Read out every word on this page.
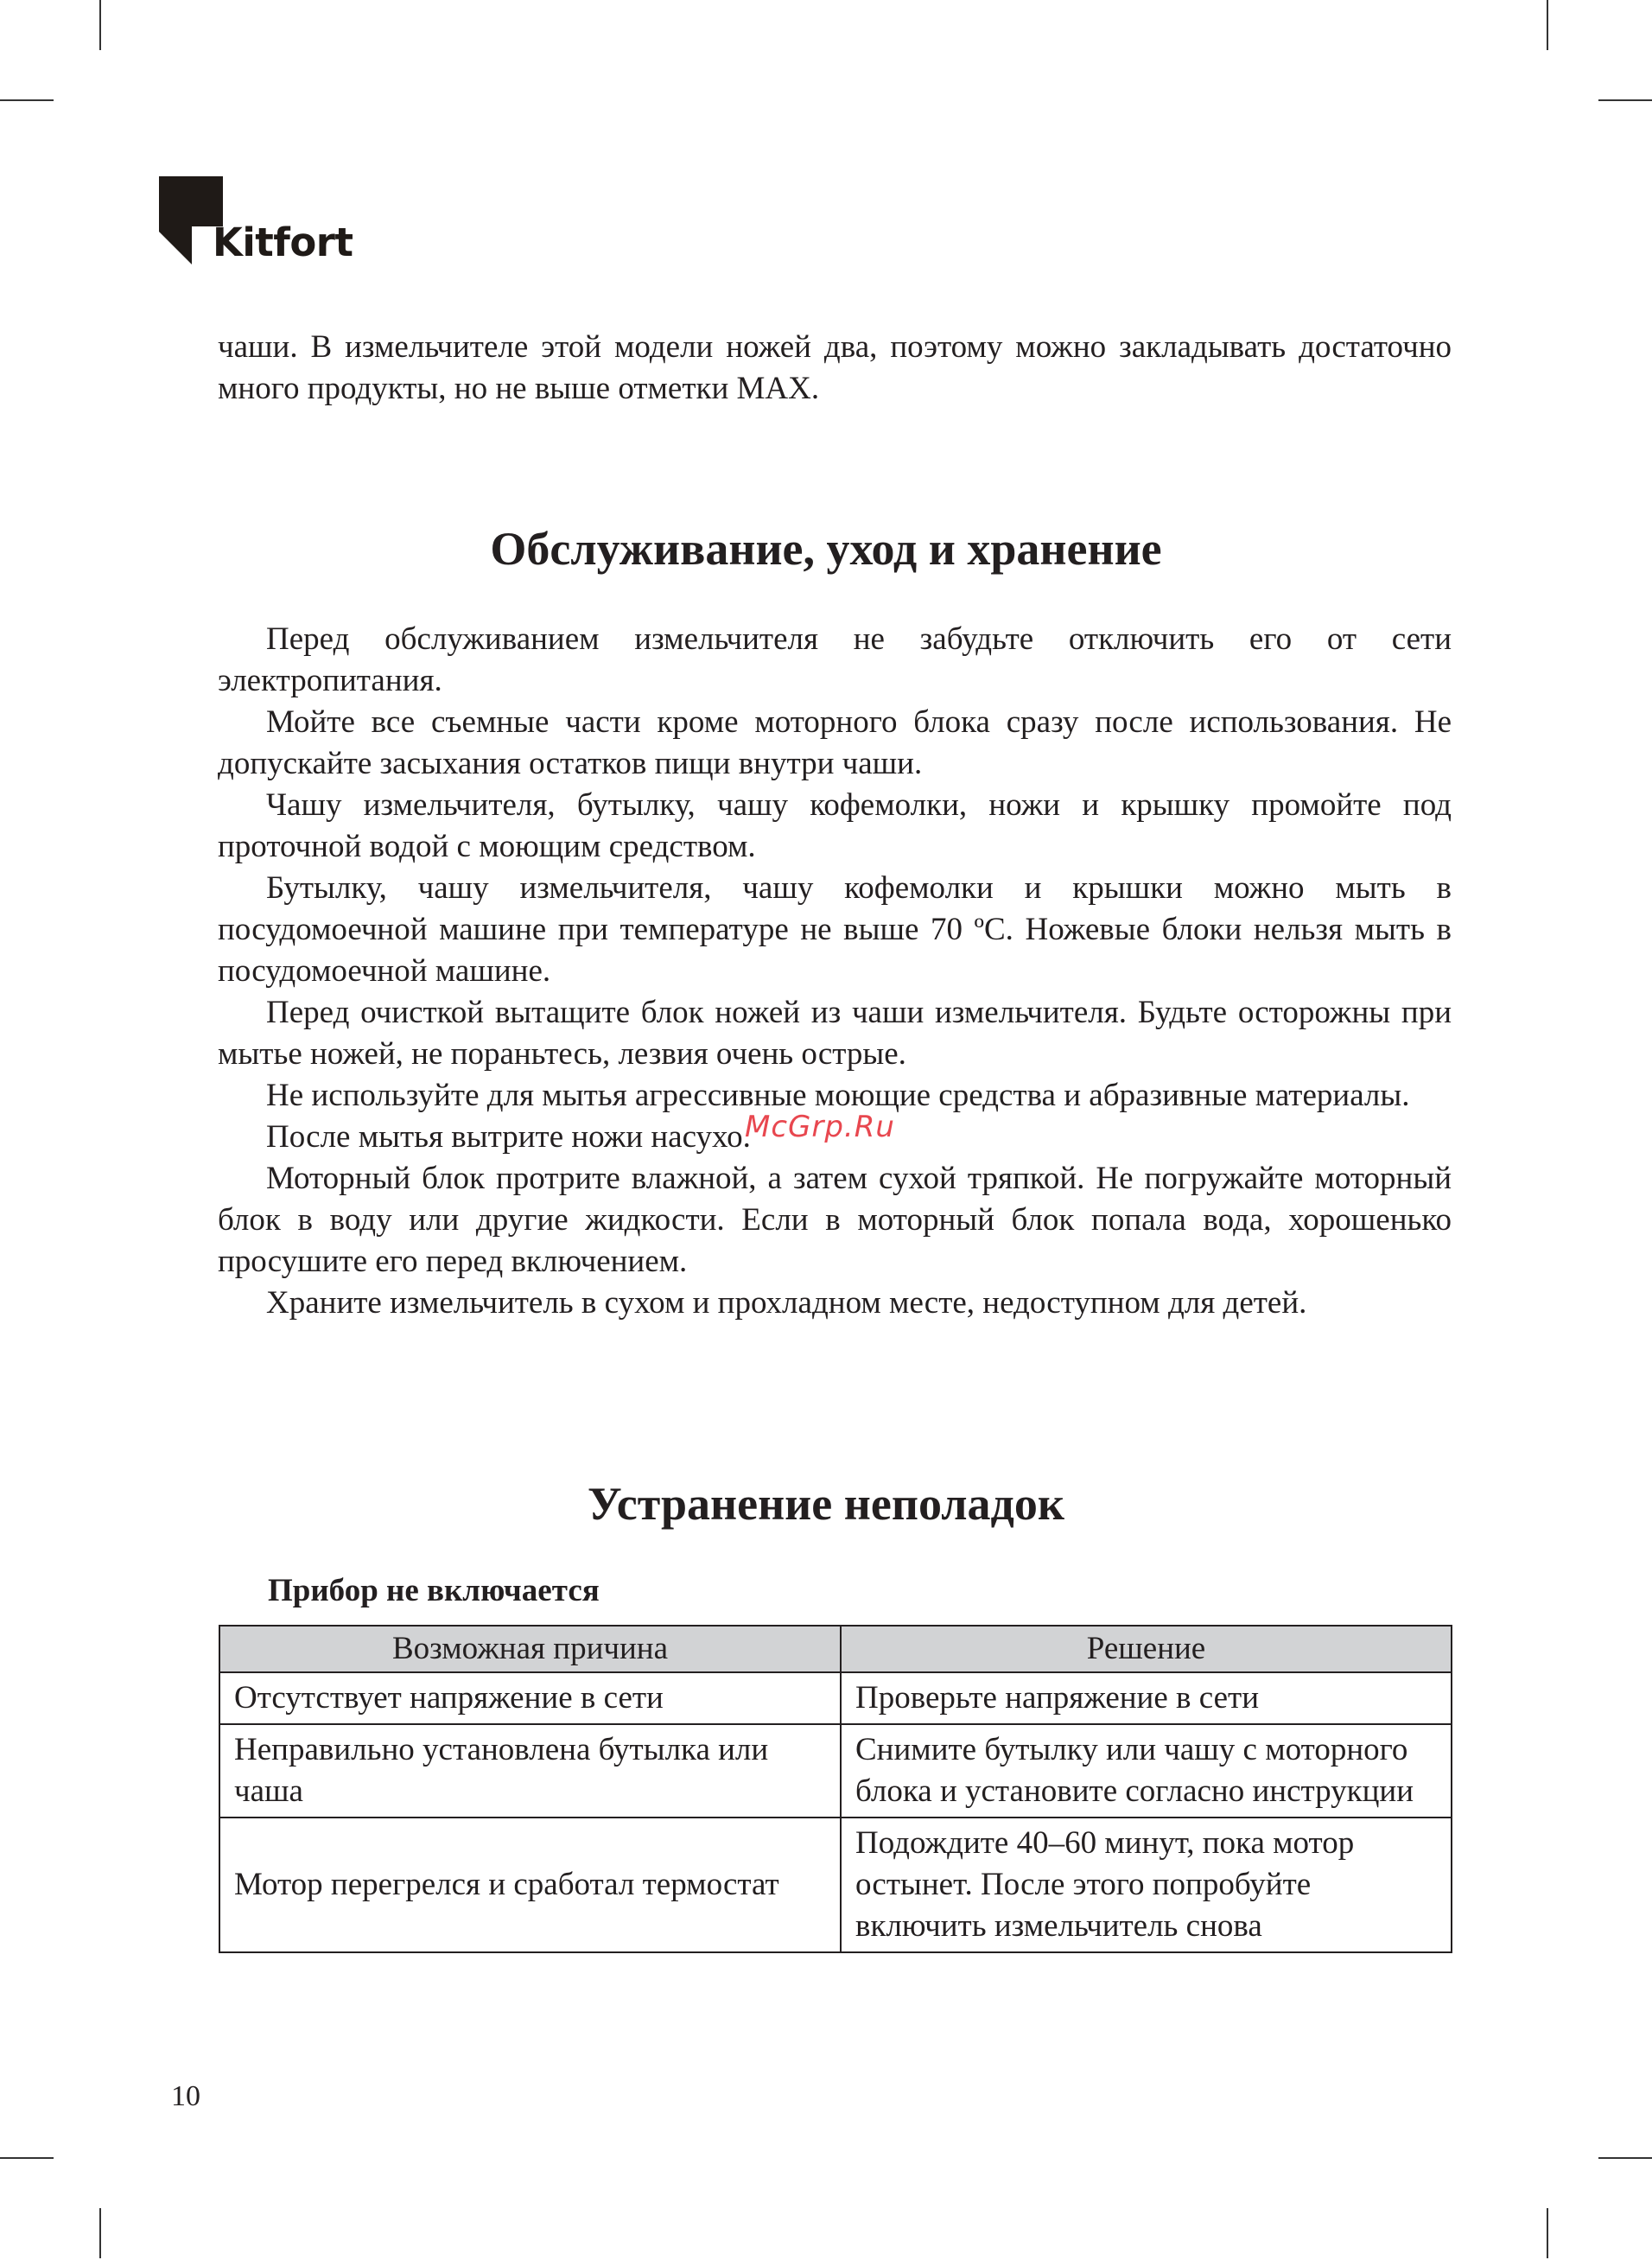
Kitfort

чаши. В измельчителе этой модели ножей два, поэтому можно закладывать достаточно много продукты, но не выше отметки MAX.

Обслуживание, уход и хранение

Перед обслуживанием измельчителя не забудьте отключить его от сети электропитания.

Мойте все съемные части кроме моторного блока сразу после использования. Не допускайте засыхания остатков пищи внутри чаши.

Чашу измельчителя, бутылку, чашу кофемолки, ножи и крышку промойте под проточной водой с моющим средством.

Бутылку, чашу измельчителя, чашу кофемолки и крышки можно мыть в посудомоечной машине при температуре не выше 70 ºС. Ножевые блоки нельзя мыть в посудомоечной машине.

Перед очисткой вытащите блок ножей из чаши измельчителя. Будьте осторожны при мытье ножей, не пораньтесь, лезвия очень острые.

Не используйте для мытья агрессивные моющие средства и абразивные материалы.

После мытья вытрите ножи насухо.

Моторный блок протрите влажной, а затем сухой тряпкой. Не погружайте моторный блок в воду или другие жидкости. Если в моторный блок попала вода, хорошенько просушите его перед включением.

Храните измельчитель в сухом и прохладном месте, недоступном для детей.

Устранение неполадок

Прибор не включается

Возможная причина	Решение
Отсутствует напряжение в сети	Проверьте напряжение в сети
Неправильно установлена бутылка или чаша	Снимите бутылку или чашу с моторного блока и установите согласно инструкции
Мотор перегрелся и сработал термостат	Подождите 40–60 минут, пока мотор остынет. После этого попробуйте включить измельчитель снова
McGrp.Ru
10
